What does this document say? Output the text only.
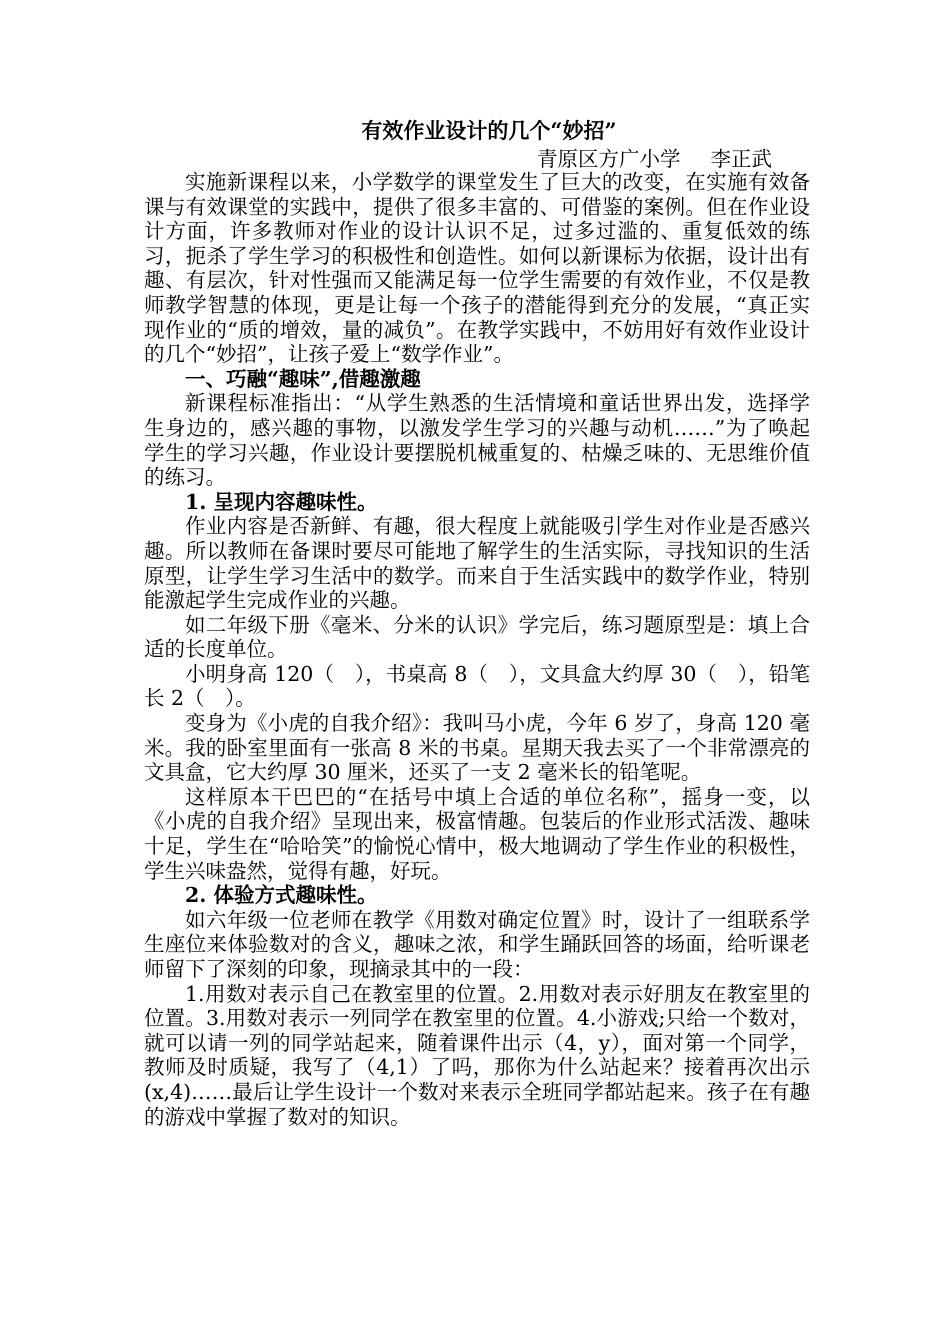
有效作业设计的几个“妙招”

青原区方广小学 李正武

实施新课程以来，小学数学的课堂发生了巨大的改变，在实施有效备课与有效课堂的实践中，提供了很多丰富的、可借鉴的案例。但在作业设计方面，许多教师对作业的设计认识不足，过多过滥的、重复低效的练习，扼杀了学生学习的积极性和创造性。如何以新课标为依据，设计出有趣、有层次，针对性强而又能满足每一位学生需要的有效作业，不仅是教师教学智慧的体现，更是让每一个孩子的潜能得到充分的发展，“真正实现作业的“质的增效，量的减负”。在教学实践中，不妨用好有效作业设计的几个“妙招”，让孩子爱上“数学作业”。

一、巧融“趣味”,借趣激趣

新课程标准指出：“从学生熟悉的生活情境和童话世界出发，选择学生身边的，感兴趣的事物，以激发学生学习的兴趣与动机……”为了唤起学生的学习兴趣，作业设计要摆脱机械重复的、枯燥乏味的、无思维价值的练习。

1. 呈现内容趣味性。

作业内容是否新鲜、有趣，很大程度上就能吸引学生对作业是否感兴趣。所以教师在备课时要尽可能地了解学生的生活实际，寻找知识的生活原型，让学生学习生活中的数学。而来自于生活实践中的数学作业，特别能激起学生完成作业的兴趣。

如二年级下册《毫米、分米的认识》学完后，练习题原型是：填上合适的长度单位。

小明身高 120（　），书桌高 8（　），文具盒大约厚 30（　），铅笔长 2（　）。

变身为《小虎的自我介绍》：我叫马小虎，今年 6 岁了，身高 120 毫米。我的卧室里面有一张高 8 米的书桌。星期天我去买了一个非常漂亮的文具盒，它大约厚 30 厘米，还买了一支 2 毫米长的铅笔呢。

这样原本干巴巴的“在括号中填上合适的单位名称”，摇身一变，以《小虎的自我介绍》呈现出来，极富情趣。包装后的作业形式活泼、趣味十足，学生在“哈哈笑”的愉悦心情中，极大地调动了学生作业的积极性，学生兴味盎然，觉得有趣，好玩。

2. 体验方式趣味性。

如六年级一位老师在教学《用数对确定位置》时，设计了一组联系学生座位来体验数对的含义，趣味之浓，和学生踊跃回答的场面，给听课老师留下了深刻的印象，现摘录其中的一段：

1.用数对表示自己在教室里的位置。2.用数对表示好朋友在教室里的位置。3.用数对表示一列同学在教室里的位置。4.小游戏;只给一个数对，就可以请一列的同学站起来，随着课件出示（4，y），面对第一个同学，教师及时质疑，我写了（4,1）了吗，那你为什么站起来？接着再次出示(x,4)……最后让学生设计一个数对来表示全班同学都站起来。孩子在有趣的游戏中掌握了数对的知识。
